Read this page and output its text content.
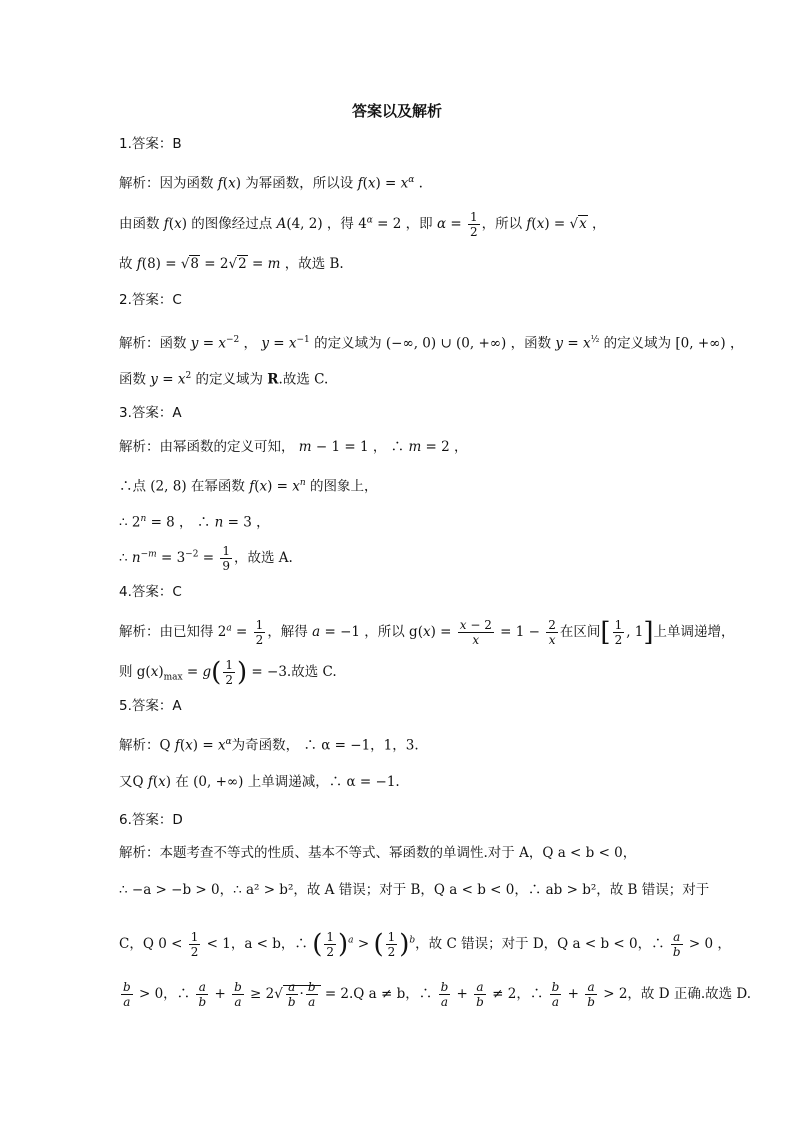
答案以及解析
1.答案：B
解析：因为函数 f(x) 为幂函数，所以设 $f(x) = x^\alpha$ .
由函数 f(x) 的图像经过点 A(4, 2) ，得 $4^\alpha = 2$ ，即 $\alpha = \frac{1}{2}$ ，所以 f(x) = √x ，
故 f(8) = √8 = 2√2 = m ，故选 B.
2.答案：C
解析：函数 $y = x^{-2}$ ， $y = x^{-1}$ 的定义域为 (−∞, 0) ∪ (0, +∞) ，函数 $y = x^{\frac{1}{2}}$ 的定义域为 [0, +∞) ，
函数 $y = x^2$ 的定义域为 R.故选 C.
3.答案：A
解析：由幂函数的定义可知， m − 1 = 1 ， ∴ m = 2 ，
∴点 (2, 8) 在幂函数 $f(x) = x^n$ 的图象上，
∴ $2^n = 8$ ， ∴ n = 3 ，
∴ $n^{-m} = 3^{-2} = \frac{1}{9}$ ，故选 A.
4.答案：C
解析：由已知得 $2^a = \frac{1}{2}$ ，解得 a = −1 ，所以 $g(x) = \frac{x - 2}{x} = 1 - \frac{2}{x}$ 在区间[ $\frac{1}{2}$ , 1]上单调递增，
则 $g(x)_{max} = g( \frac{1}{2}$ ) = −3.故选 C.
5.答案：A
解析：Q $f(x) = x^\alpha$为奇函数， ∴ α = −1，1，3.
又Q f(x) 在 (0, +∞) 上单调递减，∴ α = −1.
6.答案：D
解析：本题考查不等式的性质、基本不等式、幂函数的单调性.对于 A，Q a < b < 0，
∴ −a > −b > 0，∴ a² > b²，故 A 错误；对于 B，Q a < b < 0，∴ ab > b²，故 B 错误；对于
C，Q $0 < \frac{1}{2} < 1$，a < b，∴ ( $\frac{1}{2} )^a$ > ( $\frac{1}{2} )^b$，故 C 错误；对于 D，Q a < b < 0，∴ $\frac{a}{b} > 0$ ，
$\frac{b}{a} > 0$，∴ $\frac{a}{b} + \frac{b}{a} \ge 2√ \frac{a}{b} \cdot \frac{b}{a} = 2.Q$ a ≠ b，∴ $\frac{b}{a} + \frac{a}{b} \ne 2$，∴ $\frac{b}{a} + \frac{a}{b} > 2$，故 D 正确.故选 D.
